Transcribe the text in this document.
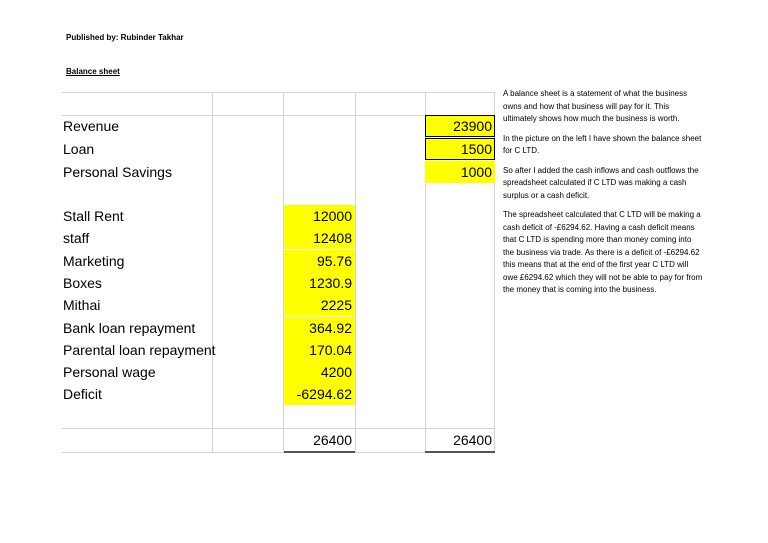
Published by: Rubinder Takhar
Balance sheet
Revenue
Loan
Personal Savings
23900
1500
1000
Stall Rent
staff
Marketing
Boxes
Mithai
Bank loan repayment
Parental loan repayment
Personal wage
Deficit
12000
12408
95.76
1230.9
2225
364.92
170.04
4200
-6294.62
26400	26400

A balance sheet is a statement of what the business owns and how that business will pay for it. This ultimately shows how much the business is worth.

In the picture on the left I have shown the balance sheet for C LTD.

So after I added the cash inflows and cash outflows the spreadsheet calculated if C LTD was making a cash surplus or a cash deficit.

The spreadsheet calculated that C LTD will be making a cash deficit of -£6294.62. Having a cash deficit means that C LTD is spending more than money coming into the business via trade. As there is a deficit of -£6294.62 this means that at the end of the first year C LTD will owe £6294.62 which they will not be able to pay for from the money that is coming into the business.
